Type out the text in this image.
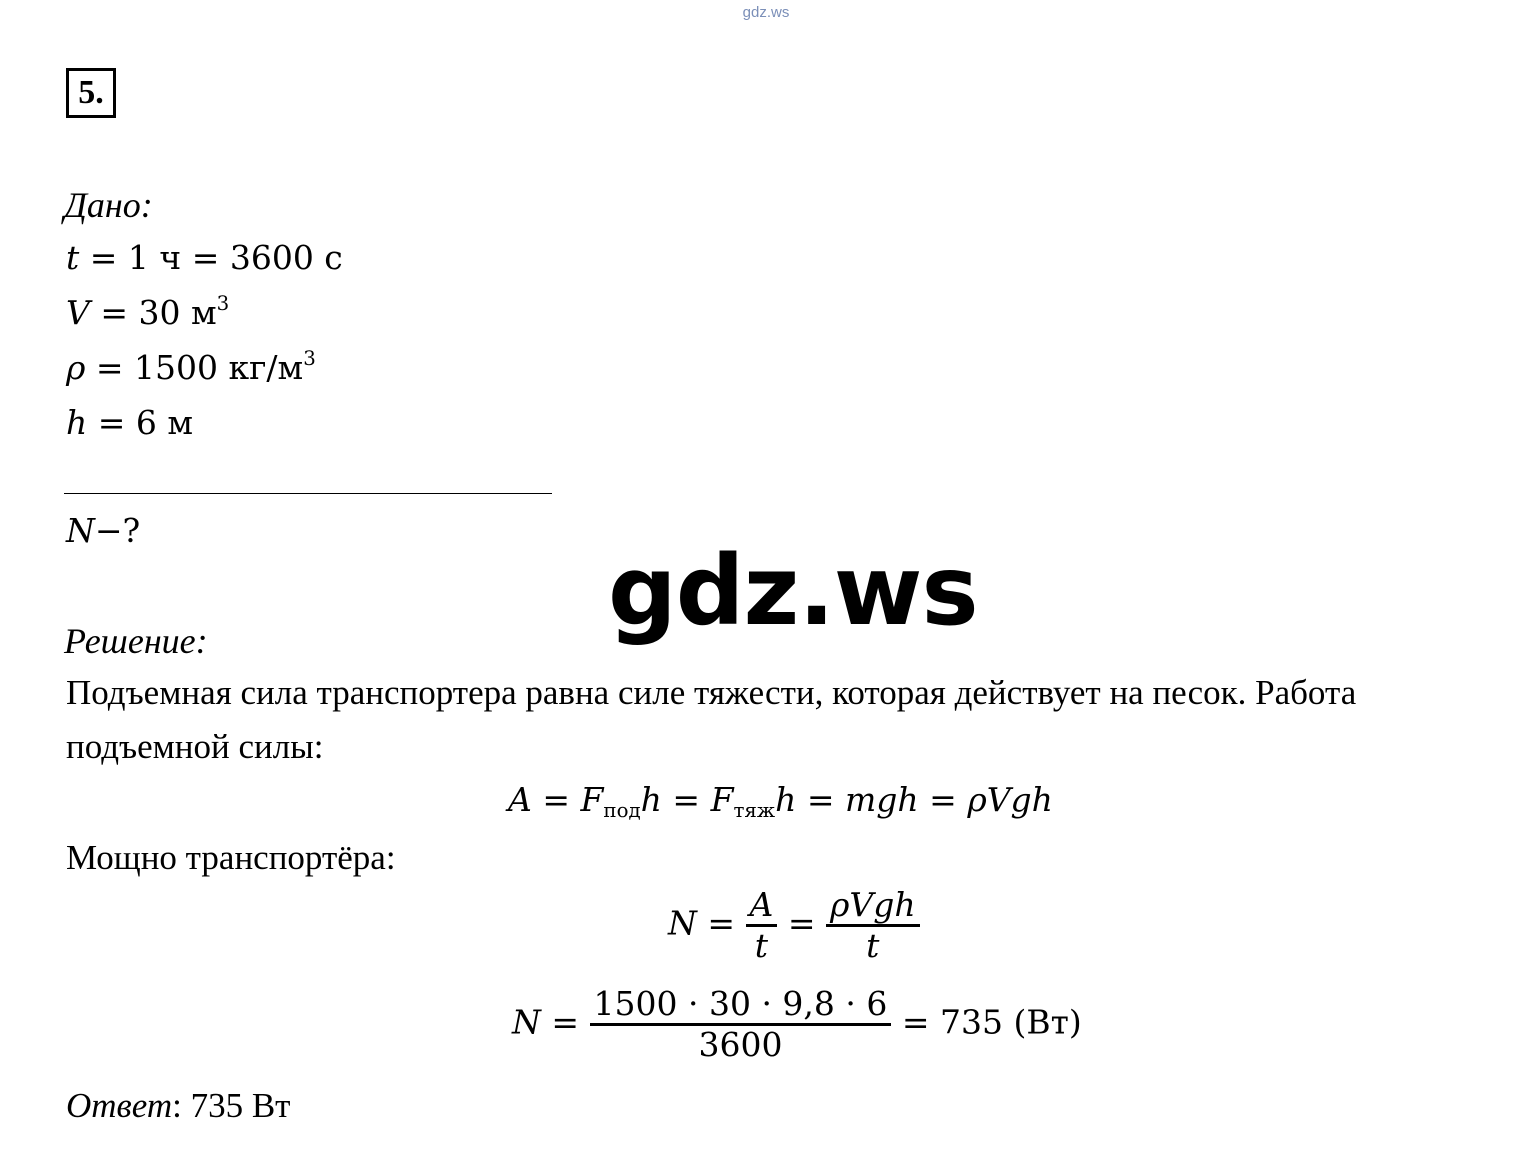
gdz.ws
5.
Дано:
t = 1 ч = 3600 с
V = 30 $м^3$
ρ = 1500 $кг/м^3$
h = 6 м
N−?
gdz.ws
Решение:
Подъемная сила транспортера равна силе тяжести, которая действует на песок. Работа
подъемной силы:
$A = F_{под}h = F_{тяж}h$ = mgh = ρVgh
Мощно транспортёра:
$N = \frac{A}{t} = \frac{\text{ρVgh}}{t}$
$N = \frac{1500 \cdot 30 \cdot 9,8 \cdot 6}{3600} = 735$ (Вт)
Ответ: 735 Вт
